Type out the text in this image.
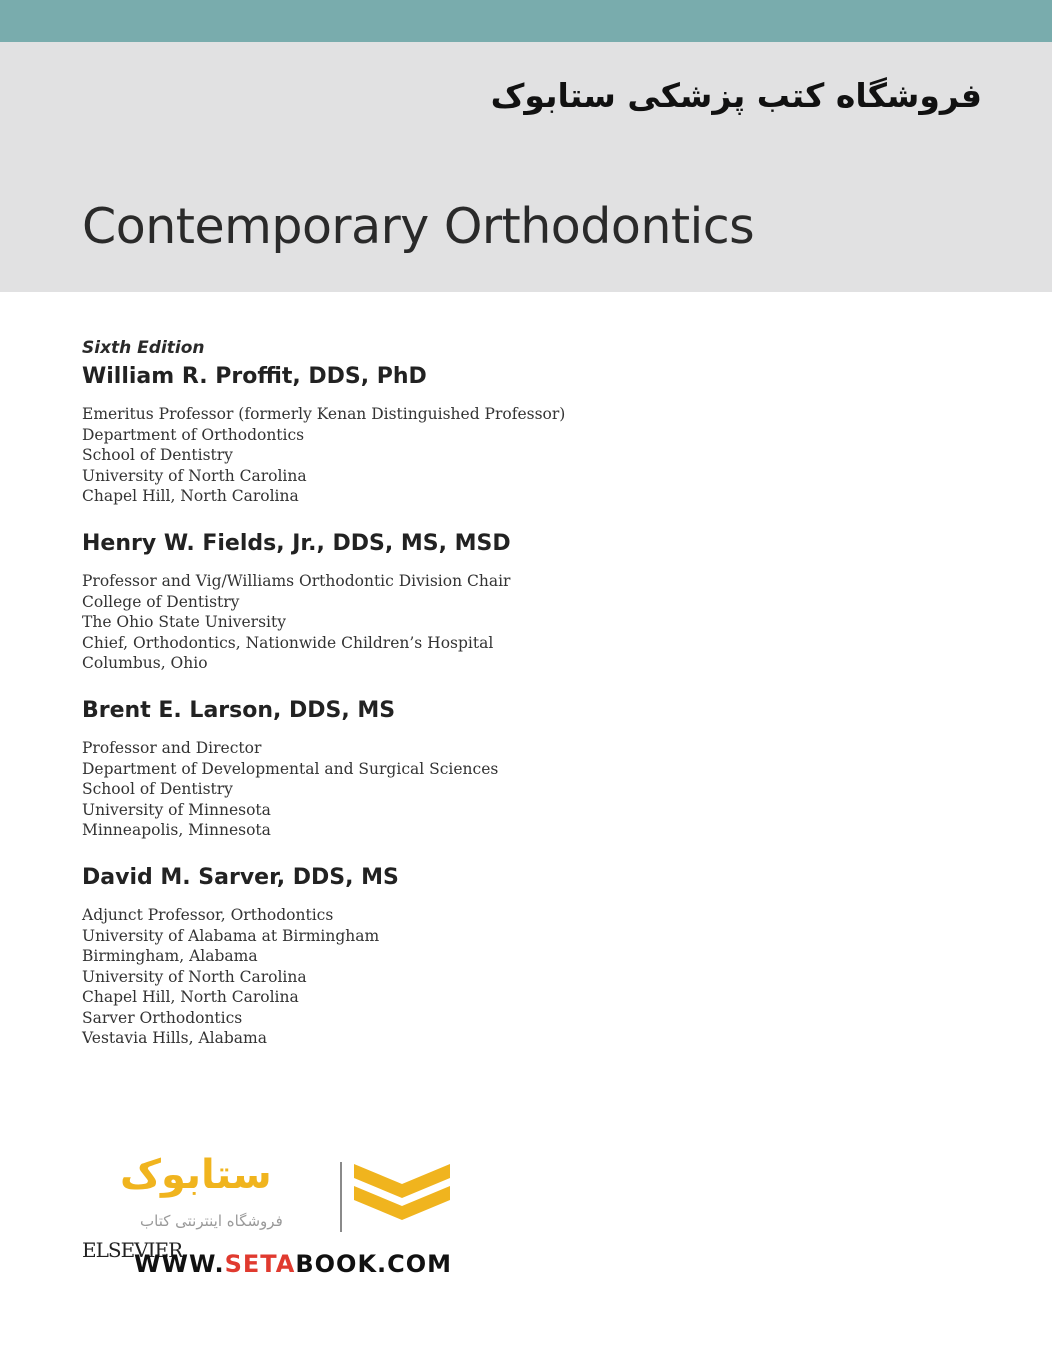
فروشگاه کتب پزشکی ستابوک
Contemporary Orthodontics
Sixth Edition
William R. Proffit, DDS, PhD
Emeritus Professor (formerly Kenan Distinguished Professor)
Department of Orthodontics
School of Dentistry
University of North Carolina
Chapel Hill, North Carolina
Henry W. Fields, Jr., DDS, MS, MSD
Professor and Vig/Williams Orthodontic Division Chair
College of Dentistry
The Ohio State University
Chief, Orthodontics, Nationwide Children’s Hospital
Columbus, Ohio
Brent E. Larson, DDS, MS
Professor and Director
Department of Developmental and Surgical Sciences
School of Dentistry
University of Minnesota
Minneapolis, Minnesota
David M. Sarver, DDS, MS
Adjunct Professor, Orthodontics
University of Alabama at Birmingham
Birmingham, Alabama
University of North Carolina
Chapel Hill, North Carolina
Sarver Orthodontics
Vestavia Hills, Alabama
ستابوک
فروشگاه اینترنتی کتاب
ELSEVIER
WWW.SETABOOK.COM
